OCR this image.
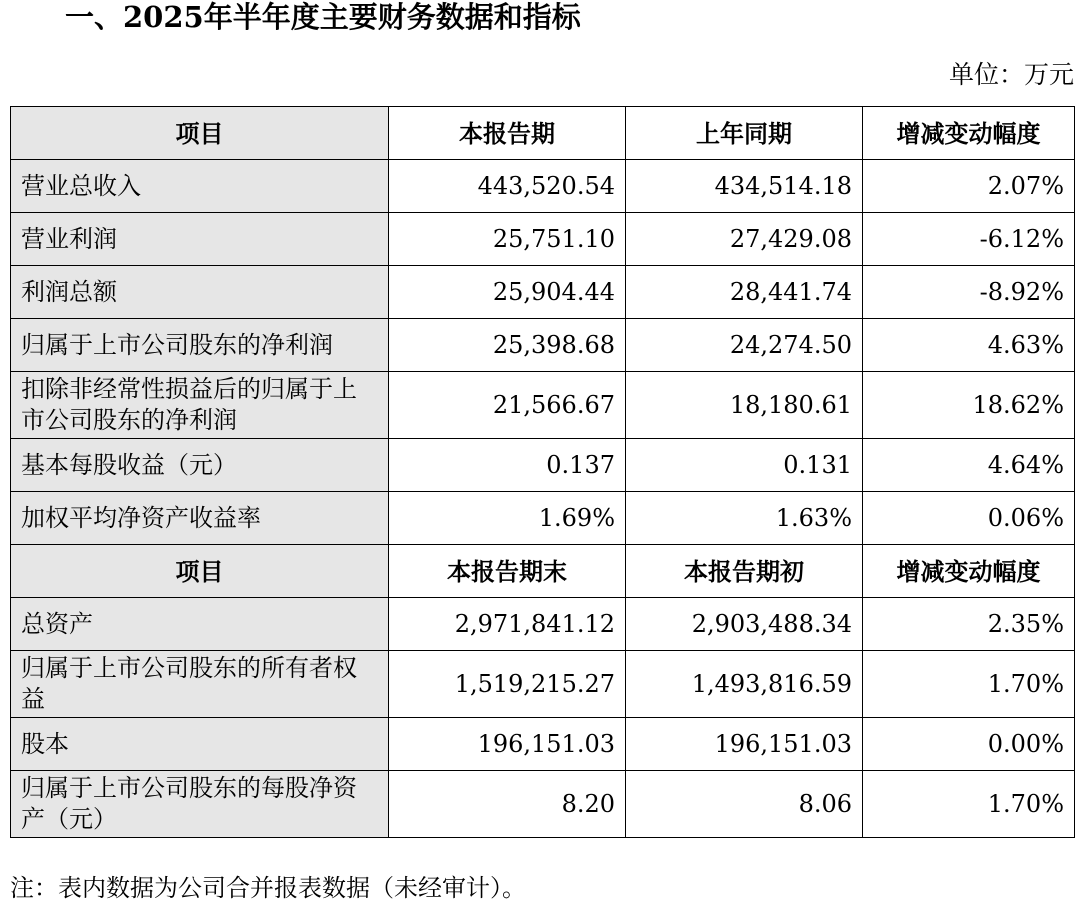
一、2025年半年度主要财务数据和指标
单位：万元
项目	本报告期	上年同期	增减变动幅度
营业总收入	443,520.54	434,514.18	2.07%
营业利润	25,751.10	27,429.08	-6.12%
利润总额	25,904.44	28,441.74	-8.92%
归属于上市公司股东的净利润	25,398.68	24,274.50	4.63%
扣除非经常性损益后的归属于上市公司股东的净利润	21,566.67	18,180.61	18.62%
基本每股收益（元）	0.137	0.131	4.64%
加权平均净资产收益率	1.69%	1.63%	0.06%
项目	本报告期末	本报告期初	增减变动幅度
总资产	2,971,841.12	2,903,488.34	2.35%
归属于上市公司股东的所有者权益	1,519,215.27	1,493,816.59	1.70%
股本	196,151.03	196,151.03	0.00%
归属于上市公司股东的每股净资产（元）	8.20	8.06	1.70%
注：表内数据为公司合并报表数据（未经审计）。
